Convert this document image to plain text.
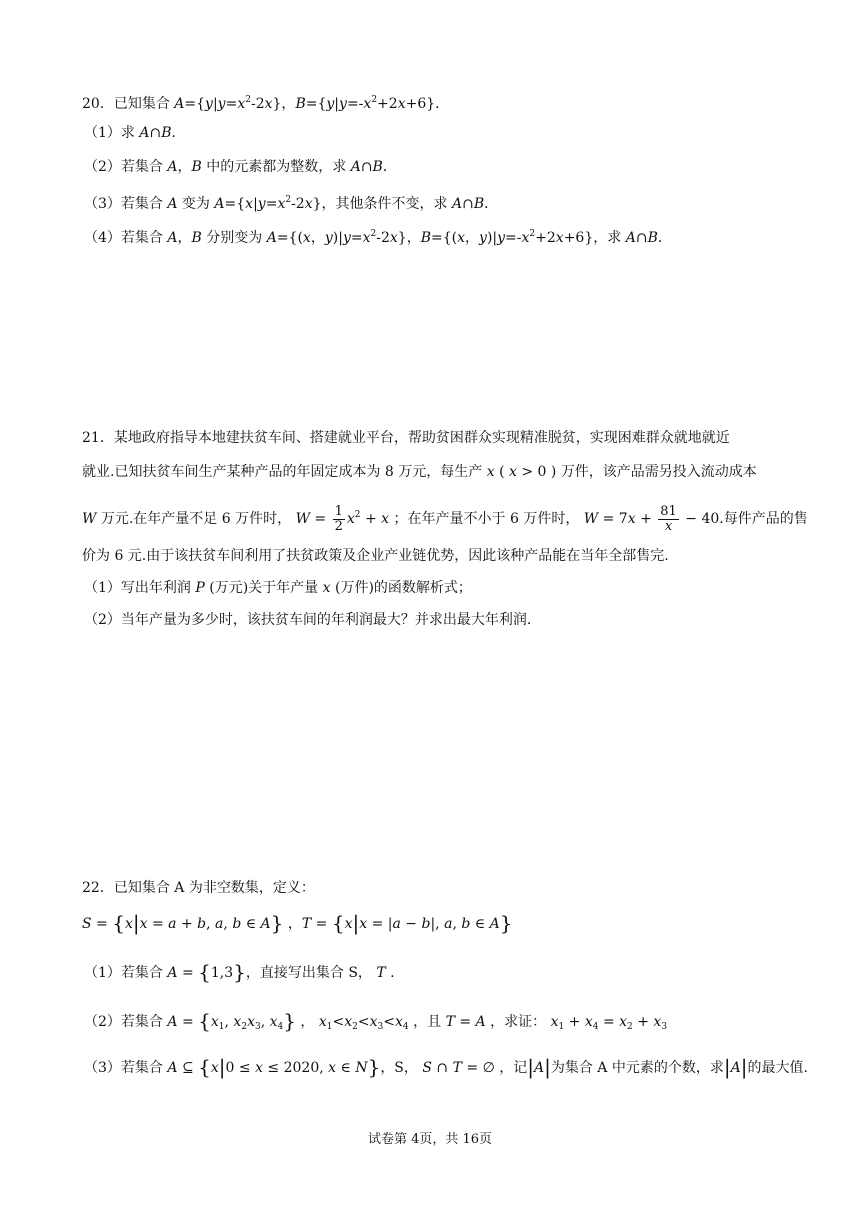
20．已知集合 $A=\{y|y=x^2-2x\}$，$B=\{y|y=-x^2+2x+6\}$．
（1）求 A∩B．
（2）若集合 A，B 中的元素都为整数，求 A∩B．
（3）若集合 A 变为 $A=\{x|y=x^2-2x\}$，其他条件不变，求 A∩B．
（4）若集合 A，B 分别变为 A={(x，$y)|y=x^2-2x$}，B={(x，$y)|y=-x^2+2x+6$}，求 A∩B．
21．某地政府指导本地建扶贫车间、搭建就业平台，帮助贫困群众实现精准脱贫，实现困难群众就地就近
就业.已知扶贫车间生产某种产品的年固定成本为 8 万元，每生产 x ( x > 0 ) 万件，该产品需另投入流动成本
W 万元.在年产量不足 6 万件时， $W = \frac{1}{2} x^2 + x$ ；在年产量不小于 6 万件时， $W = 7x + \frac{81}{x} - 40$.每件产品的售
价为 6 元.由于该扶贫车间利用了扶贫政策及企业产业链优势，因此该种产品能在当年全部售完.
（1）写出年利润 P (万元)关于年产量 x (万件)的函数解析式；
（2）当年产量为多少时，该扶贫车间的年利润最大？并求出最大年利润.
22．已知集合 A 为非空数集，定义：
S = {x|x = a + b, a, b ∈ A} ，T = {x|x = |a − b|, a, b ∈ A}
（1）若集合 A = {1,3}，直接写出集合 S， T .
（2）若集合 $A = \{x_1$, $x_2x_3$, $x_4$} ， $x_1<x_2<x_3<x_4$ ，且 T = A ，求证： $x_1 + x_4 = x_2 + x_3$
（3）若集合 A ⊆ {x|0 ≤ x ≤ 2020, x ∈ N}，S， S ∩ T = ∅ ，记|A|为集合 A 中元素的个数，求|A|的最大值.
试卷第 4页，共 16页
